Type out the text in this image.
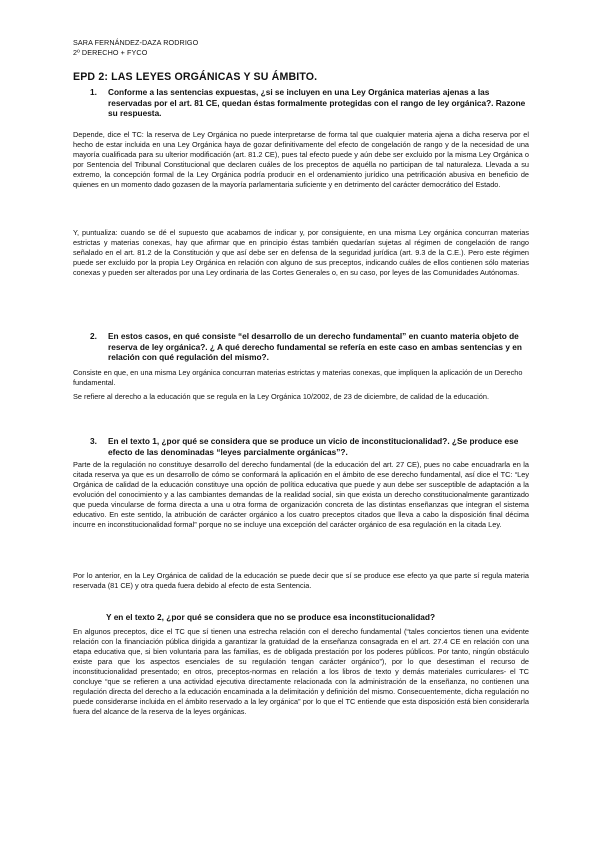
SARA FERNÁNDEZ-DAZA RODRIGO
2º DERECHO + FYCO
EPD 2: LAS LEYES ORGÁNICAS Y SU ÁMBITO.
1. Conforme a las sentencias expuestas, ¿si se incluyen en una Ley Orgánica materias ajenas a las reservadas por el art. 81 CE, quedan éstas formalmente protegidas con el rango de ley orgánica?. Razone su respuesta.

Depende, dice el TC: la reserva de Ley Orgánica no puede interpretarse de forma tal que cualquier materia ajena a dicha reserva por el hecho de estar incluida en una Ley Orgánica haya de gozar definitivamente del efecto de congelación de rango y de la necesidad de una mayoría cualificada para su ulterior modificación (art. 81.2 CE), pues tal efecto puede y aún debe ser excluido por la misma Ley Orgánica o por Sentencia del Tribunal Constitucional que declaren cuáles de los preceptos de aquélla no participan de tal naturaleza. Llevada a su extremo, la concepción formal de la Ley Orgánica podría producir en el ordenamiento jurídico una petrificación abusiva en beneficio de quienes en un momento dado gozasen de la mayoría parlamentaria suficiente y en detrimento del carácter democrático del Estado.

Y, puntualiza: cuando se dé el supuesto que acabamos de indicar y, por consiguiente, en una misma Ley orgánica concurran materias estrictas y materias conexas, hay que afirmar que en principio éstas también quedarían sujetas al régimen de congelación de rango señalado en el art. 81.2 de la Constitución y que así debe ser en defensa de la seguridad jurídica (art. 9.3 de la C.E.). Pero este régimen puede ser excluido por la propia Ley Orgánica en relación con alguno de sus preceptos, indicando cuáles de ellos contienen sólo materias conexas y pueden ser alterados por una Ley ordinaria de las Cortes Generales o, en su caso, por leyes de las Comunidades Autónomas.

2. En estos casos, en qué consiste “el desarrollo de un derecho fundamental” en cuanto materia objeto de reserva de ley orgánica?. ¿ A qué derecho fundamental se refería en este caso en ambas sentencias y en relación con qué regulación del mismo?.

Consiste en que, en una misma Ley orgánica concurran materias estrictas y materias conexas, que impliquen la aplicación de un Derecho fundamental.

Se refiere al derecho a la educación que se regula en la Ley Orgánica 10/2002, de 23 de diciembre, de calidad de la educación.

3. En el texto 1, ¿por qué se considera que se produce un vicio de inconstitucionalidad?. ¿Se produce ese efecto de las denominadas “leyes parcialmente orgánicas”?.

Parte de la regulación no constituye desarrollo del derecho fundamental (de la educación del art. 27 CE), pues no cabe encuadrarla en la citada reserva ya que es un desarrollo de cómo se conformará la aplicación en el ámbito de ese derecho fundamental, así dice el TC: “Ley Orgánica de calidad de la educación constituye una opción de política educativa que puede y aun debe ser susceptible de adaptación a la evolución del conocimiento y a las cambiantes demandas de la realidad social, sin que exista un derecho constitucionalmente garantizado que pueda vincularse de forma directa a una u otra forma de organización concreta de las distintas enseñanzas que integran el sistema educativo. En este sentido, la atribución de carácter orgánico a los cuatro preceptos citados que lleva a cabo la disposición final décima incurre en inconstitucionalidad formal” porque no se incluye una excepción del carácter orgánico de esa regulación en la citada Ley.

Por lo anterior, en la Ley Orgánica de calidad de la educación se puede decir que sí se produce ese efecto ya que parte sí regula materia reservada (81 CE) y otra queda fuera debido al efecto de esta Sentencia.

Y en el texto 2, ¿por qué se considera que no se produce esa inconstitucionalidad?

En algunos preceptos, dice el TC que sí tienen una estrecha relación con el derecho fundamental (“tales conciertos tienen una evidente relación con la financiación pública dirigida a garantizar la gratuidad de la enseñanza consagrada en el art. 27.4 CE en relación con una etapa educativa que, si bien voluntaria para las familias, es de obligada prestación por los poderes públicos. Por tanto, ningún obstáculo existe para que los aspectos esenciales de su regulación tengan carácter orgánico”), por lo que desestiman el recurso de inconstitucionalidad presentado; en otros, preceptos-normas en relación a los libros de texto y demás materiales curriculares- el TC concluye “que se refieren a una actividad ejecutiva directamente relacionada con la administración de la enseñanza, no contienen una regulación directa del derecho a la educación encaminada a la delimitación y definición del mismo. Consecuentemente, dicha regulación no puede considerarse incluida en el ámbito reservado a la ley orgánica” por lo que el TC entiende que esta disposición está bien considerarla fuera del alcance de la reserva de la leyes orgánicas.
